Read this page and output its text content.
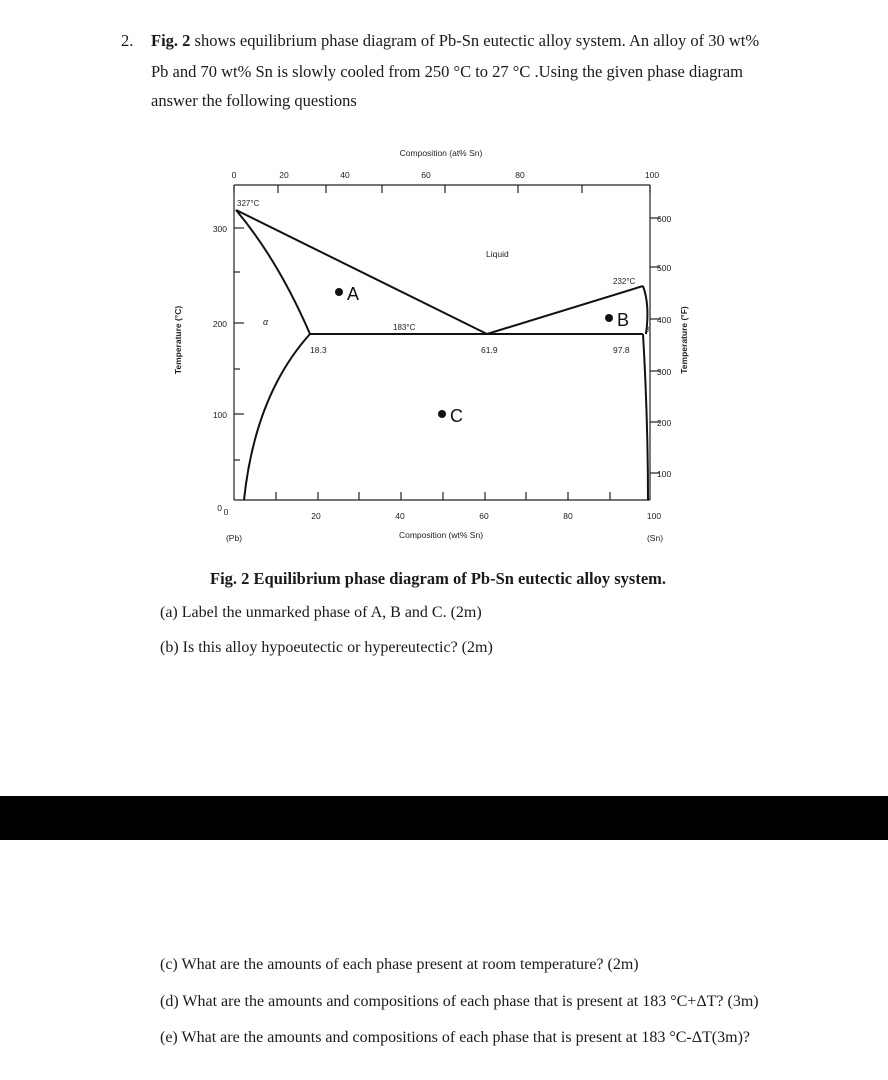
2. Fig. 2 shows equilibrium phase diagram of Pb-Sn eutectic alloy system. An alloy of 30 wt%
Pb and 70 wt% Sn is slowly cooled from 250 °C to 27 °C .Using the given phase diagram
answer the following questions
Composition (at% Sn)
Composition (wt% Sn)
Temperature (°C)	Temperature (°F)
0	20	40	60	80	100
0	20	40	60	80	100
(Pb)	(Sn)
300
200
100
0
600
500
400
300
200
100
327°C
232°C
183°C
18.3	61.9	97.8
Liquid
α
β
A
B
C
Fig. 2 Equilibrium phase diagram of Pb-Sn eutectic alloy system.
(a) Label the unmarked phase of A, B and C. (2m)
(b) Is this alloy hypoeutectic or hypereutectic? (2m)
(c) What are the amounts of each phase present at room temperature? (2m)
(d) What are the amounts and compositions of each phase that is present at 183 °C+ΔT? (3m)
(e) What are the amounts and compositions of each phase that is present at 183 °C-ΔT(3m)?
